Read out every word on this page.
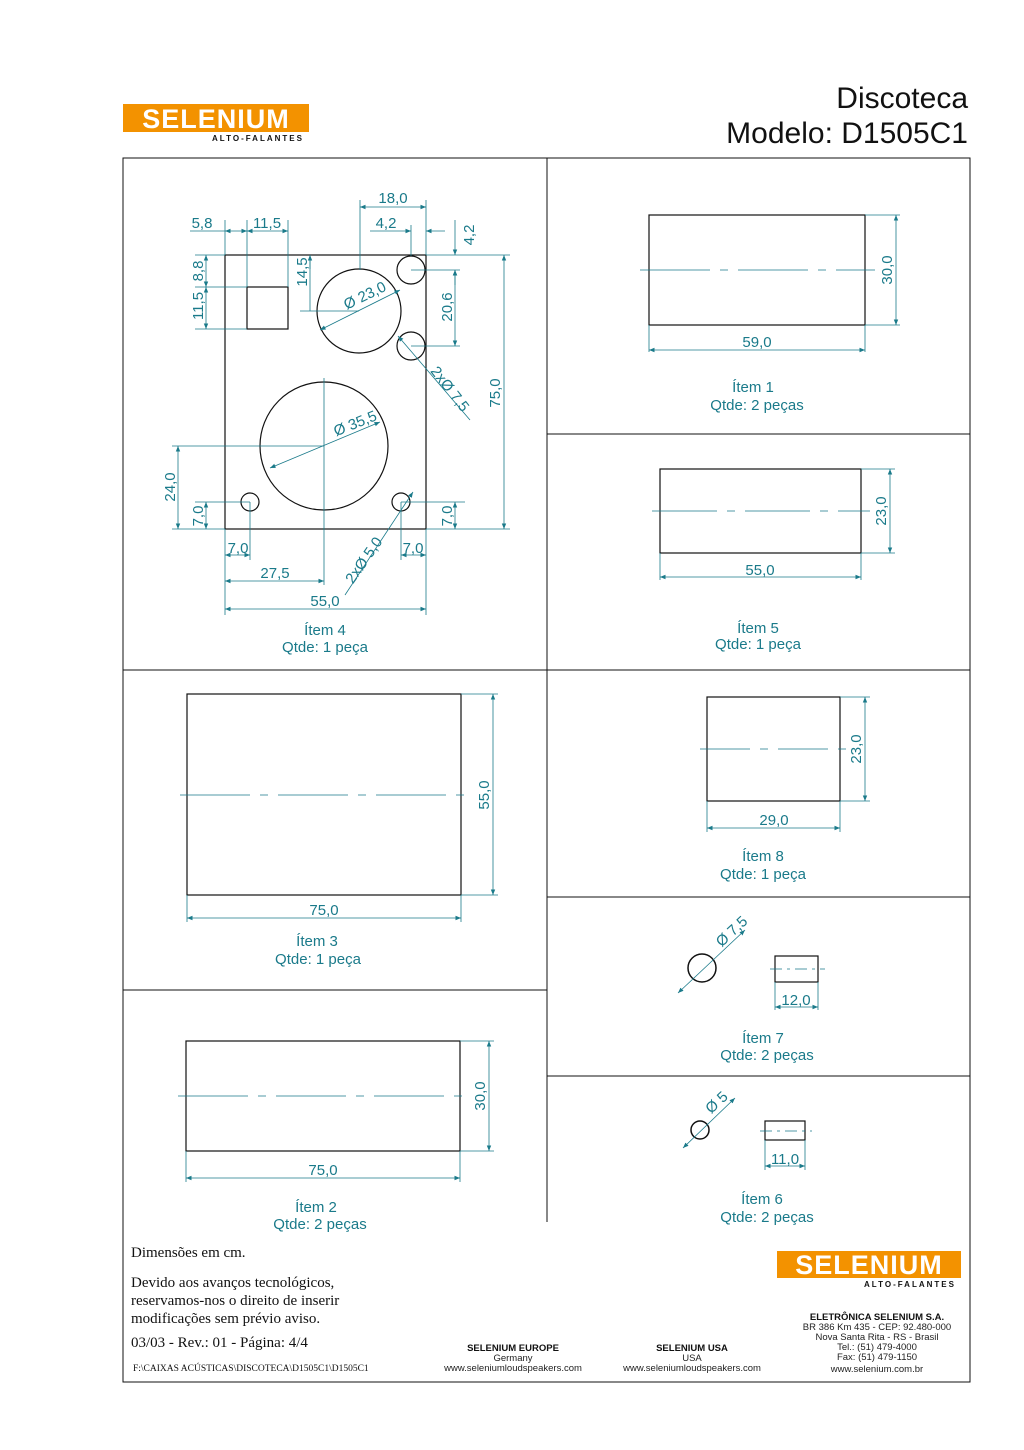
SELENIUM
ALTO-FALANTES
Discoteca
Modelo: D1505C1
18,0
5,8	11,5	4,2
4,2
11,5
8,8	14,5
Ø 23,0	20,6
2xØ 7,5 75,0
Ø 35,5
24,0
7,0	7,0
7,0	2xØ 5,0 7,0
27,5
55,0
Ítem 4
Qtde: 1 peça
59,0
30,0
Ítem 1
Qtde: 2 peças
55,0
23,0
Ítem 5
Qtde: 1 peça
75,0
55,0
Ítem 3
Qtde: 1 peça
29,0
23,0
Ítem 8
Qtde: 1 peça
Ø 7,5
12,0
Ítem 7
Qtde: 2 peças
75,0
30,0
Ítem 2
Qtde: 2 peças
Ø 5
11,0
Ítem 6
Qtde: 2 peças
Dimensões em cm.
Devido aos avanços tecnológicos,
reservamos-nos o direito de inserir
modificações sem prévio aviso.
03/03 - Rev.: 01 - Página: 4/4
F:\CAIXAS ACÚSTICAS\DISCOTECA\D1505C1\D1505C1
SELENIUM EUROPE
Germany
www.seleniumloudspeakers.com
SELENIUM USA
USA
www.seleniumloudspeakers.com
SELENIUM
ALTO-FALANTES
ELETRÔNICA SELENIUM S.A.
BR 386 Km 435 - CEP: 92.480-000
Nova Santa Rita - RS - Brasil
Tel.: (51) 479-4000
Fax: (51) 479-1150
www.selenium.com.br
